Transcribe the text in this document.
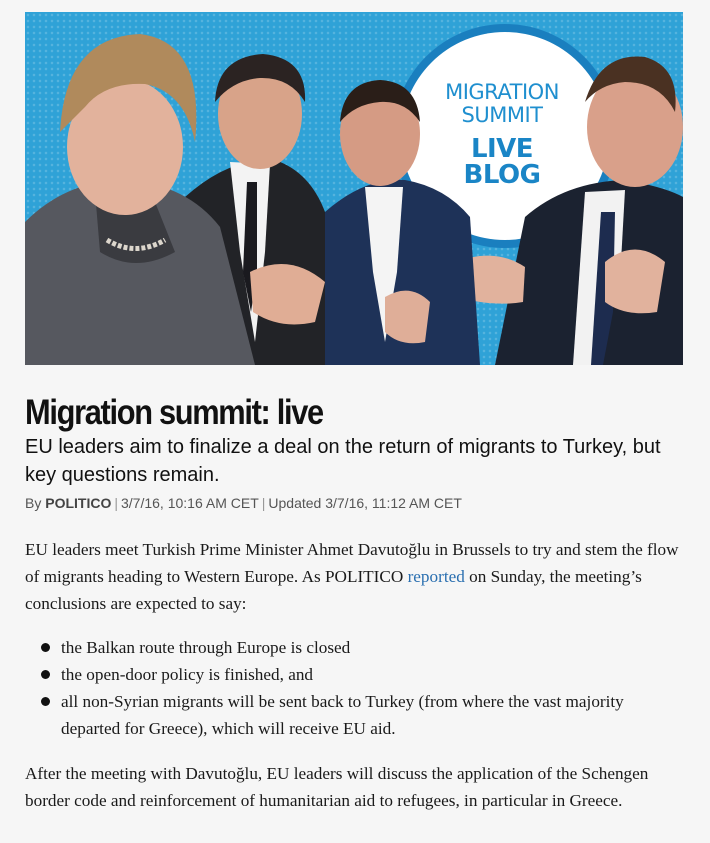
MIGRATION
SUMMIT
LIVE
BLOG
Migration summit: live

EU leaders aim to finalize a deal on the return of migrants to Turkey, but key questions remain.

By POLITICO | 3/7/16, 10:16 AM CET | Updated 3/7/16, 11:12 AM CET

EU leaders meet Turkish Prime Minister Ahmet Davutoğlu in Brussels to try and stem the flow of migrants heading to Western Europe. As POLITICO reported on Sunday, the meeting’s conclusions are expected to say:

the Balkan route through Europe is closed
the open-door policy is finished, and
all non-Syrian migrants will be sent back to Turkey (from where the vast majority departed for Greece), which will receive EU aid.

After the meeting with Davutoğlu, EU leaders will discuss the application of the Schengen border code and reinforcement of humanitarian aid to refugees, in particular in Greece.
